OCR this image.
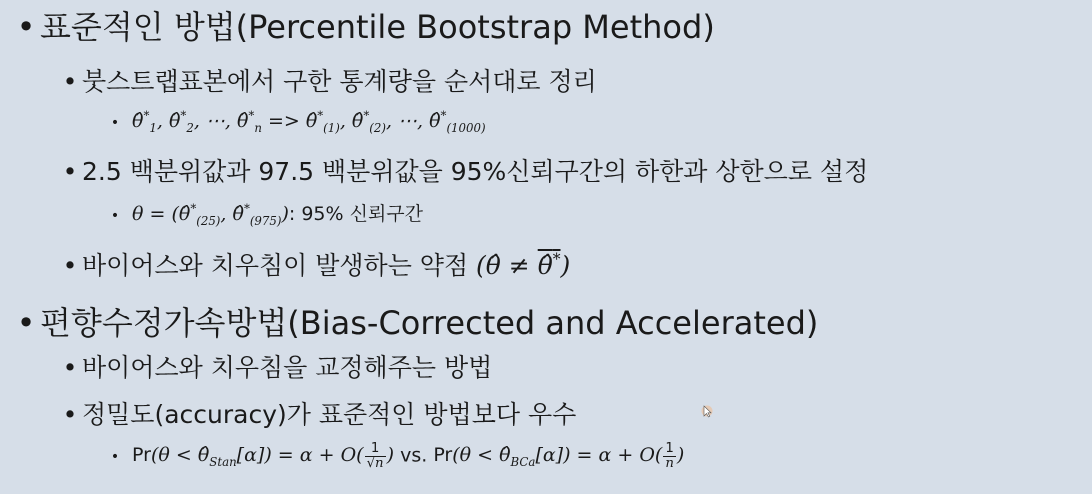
• 표준적인 방법(Percentile Bootstrap Method)
• 붓스트랩표본에서 구한 통계량을 순서대로 정리
• $\thetâ^*_1$, $\thetâ^*_2$, ⋯, $\thetâ^*_n$ => $\thetâ^*_{(1)}$, $\thetâ^*_{(2)}$, ⋯, $\thetâ^*_{(1000)}$
• 2.5 백분위값과 97.5 백분위값을 95%신뢰구간의 하한과 상한으로 설정
• $\theta = (\thetâ^*_{(25)}$, $\thetâ^*_{(975)}$): 95% 신뢰구간
• 바이어스와 치우침이 발생하는 약점 (θ̂ ≠ θ̂*)
• 편향수정가속방법(Bias-Corrected and Accelerated)
• 바이어스와 치우침을 교정해주는 방법
• 정밀도(accuracy)가 표준적인 방법보다 우수
• $Pr(\theta < \thetâ_{Stan}[\alpha]) = \alpha + O( \frac{1}{√n}$ ) vs. $Pr(\theta < \thetâ_{BCa}[\alpha]) = \alpha + O( \frac{1}{n}$ )
